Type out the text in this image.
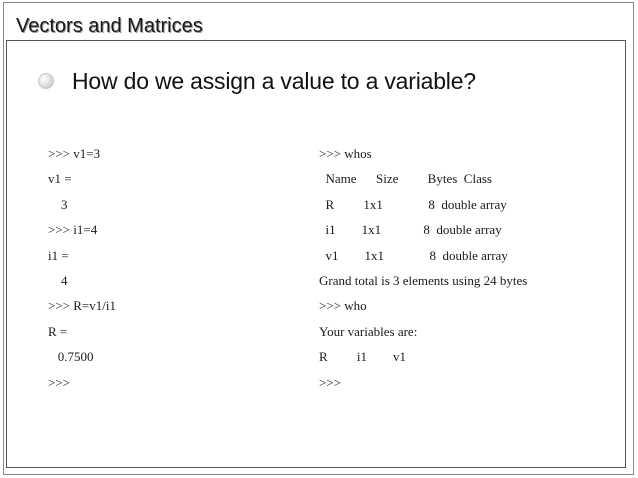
Vectors and Matrices
How do we assign a value to a variable?
>>> v1=3
v1 =
3
>>> i1=4
i1 =
4
>>> R=v1/i1
R =
0.7500
>>>
>>> whos
Name      Size         Bytes  Class
R         1x1              8  double array
i1        1x1             8  double array
v1        1x1              8  double array
Grand total is 3 elements using 24 bytes
>>> who
Your variables are:
R         i1        v1
>>>
